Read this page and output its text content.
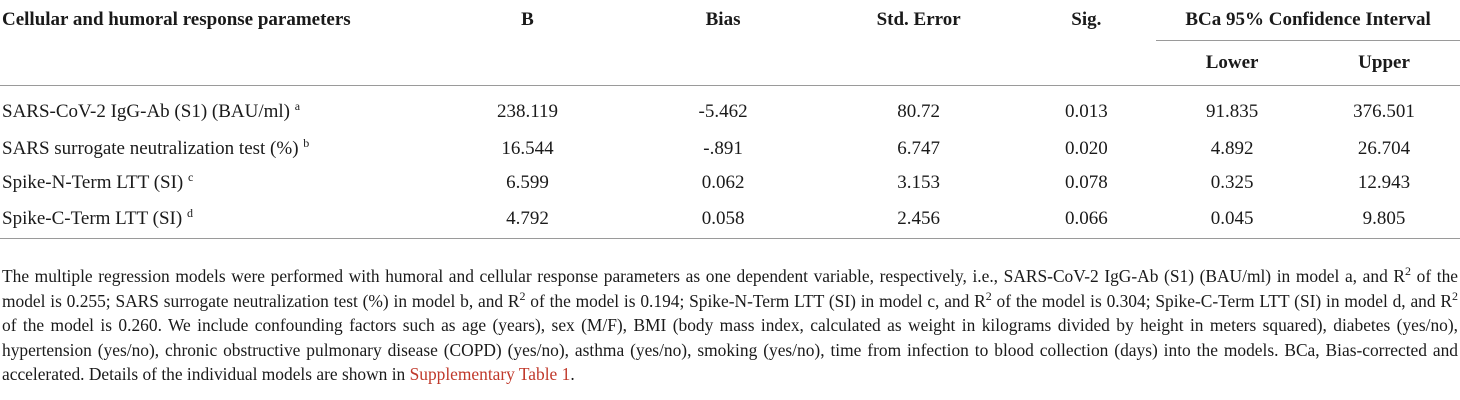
Cellular and humoral response parameters	B	Bias	Std. Error	Sig.	BCa 95% Confidence Interval	
					Lower	Upper
SARS-CoV-2 IgG-Ab (S1) (BAU/ml) $^a$	238.119	-5.462	80.72	0.013	91.835	376.501
SARS surrogate neutralization test (%) $^b$	16.544	-.891	6.747	0.020	4.892	26.704
Spike-N-Term LTT (SI) $^c$	6.599	0.062	3.153	0.078	0.325	12.943
Spike-C-Term LTT (SI) $^d$	4.792	0.058	2.456	0.066	0.045	9.805
The multiple regression models were performed with humoral and cellular response parameters as one dependent variable, respectively, i.e., SARS-CoV-2 IgG-Ab (S1) (BAU/ml) in model a, and $R^2$ of the model is 0.255; SARS surrogate neutralization test (%) in model b, and $R^2$ of the model is 0.194; Spike-N-Term LTT (SI) in model c, and $R^2$ of the model is 0.304; Spike-C-Term LTT (SI) in model d, and $R^2$ of the model is 0.260. We include confounding factors such as age (years), sex (M/F), BMI (body mass index, calculated as weight in kilograms divided by height in meters squared), diabetes (yes/no), hypertension (yes/no), chronic obstructive pulmonary disease (COPD) (yes/no), asthma (yes/no), smoking (yes/no), time from infection to blood collection (days) into the models. BCa, Bias-corrected and accelerated. Details of the individual models are shown in Supplementary Table 1.
